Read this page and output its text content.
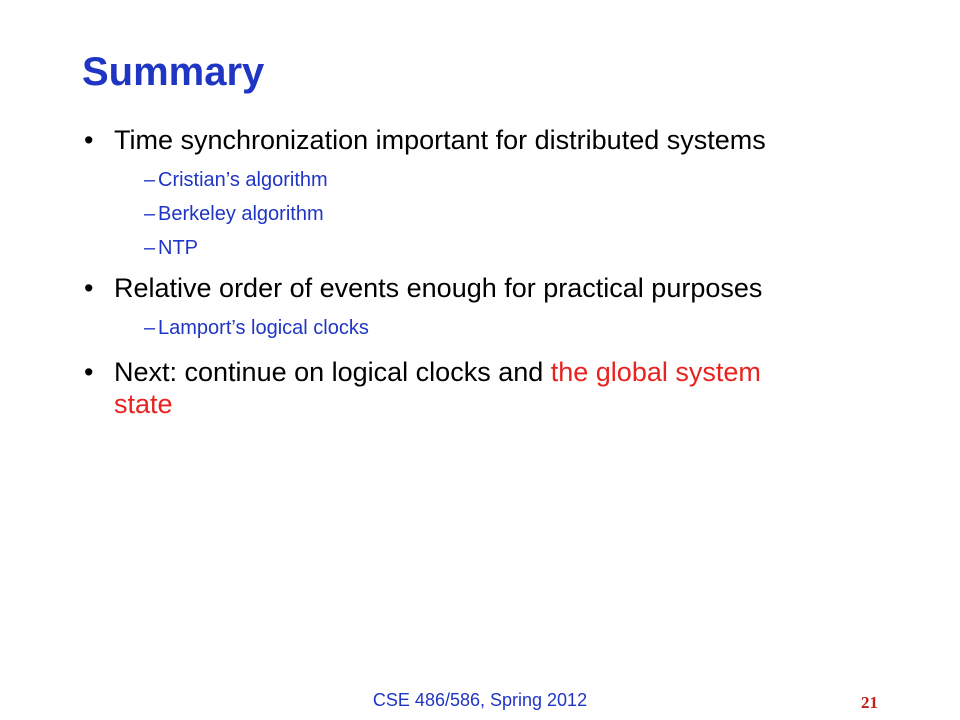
Summary
• Time synchronization important for distributed systems
– Cristian’s algorithm
– Berkeley algorithm
– NTP
• Relative order of events enough for practical purposes
– Lamport’s logical clocks
• Next: continue on logical clocks and the global system state
CSE 486/586, Spring 2012	21
